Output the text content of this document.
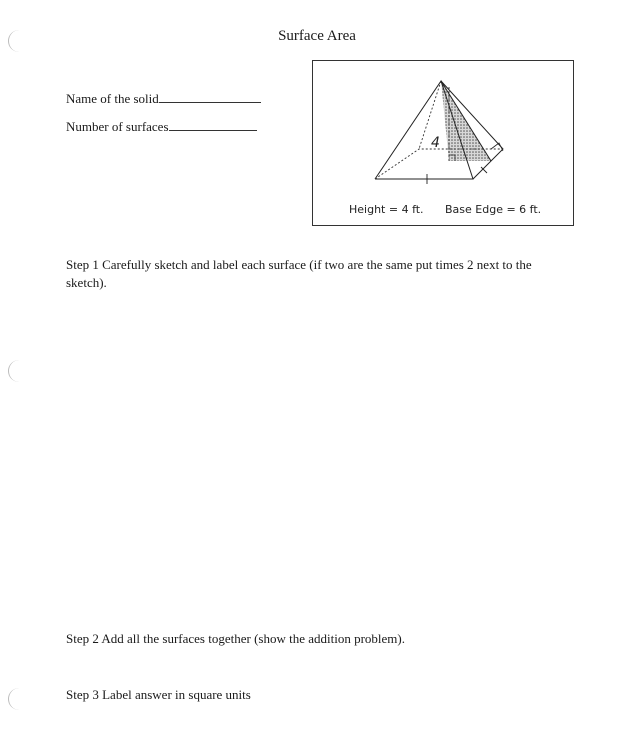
Surface Area
Name of the solid
Number of surfaces
4
Height = 4 ft. Base Edge = 6 ft.
Step 1 Carefully sketch and label each surface (if two are the same put times 2 next to the sketch).
Step 2 Add all the surfaces together (show the addition problem).
Step 3 Label answer in square units
